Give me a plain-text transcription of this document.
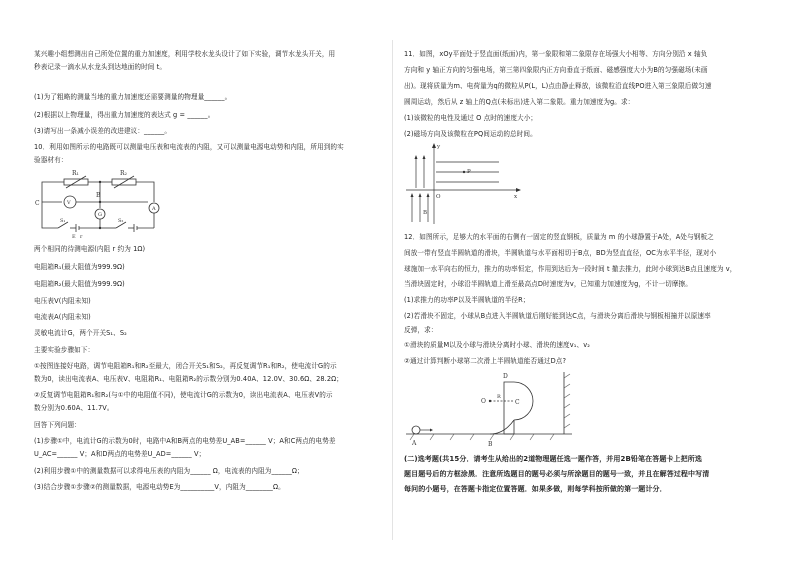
某兴趣小组想测出自己所处位置的重力加速度，利用学校水龙头设计了如下实验，调节水龙头开关，用
秒表记录一滴水从水龙头到达地面的时间 t。
(1)为了粗略的测量当地的重力加速度还需要测量的物理量______。
(2)根据以上物理量，得出重力加速度的表达式 g = ______。
(3)请写出一条减小误差的改进建议：______。
10．利用如图所示的电路既可以测量电压表和电流表的内阻，又可以测量电源电动势和内阻，所用到的实
验器材有：
R₁	R₂
C
B
V
A
G
S₁	S₂
E r
两个相同的待测电源(内阻 r 约为 1Ω)
电阻箱R₁(最大阻值为999.9Ω)
电阻箱R₂(最大阻值为999.9Ω)
电压表V(内阻未知)
电流表A(内阻未知)
灵敏电流计G，两个开关S₁、S₂
主要实验步骤如下：
①按图连接好电路，调节电阻箱R₁和R₂至最大，闭合开关S₁和S₂，再反复调节R₁和R₂，使电流计G的示
数为0，读出电流表A、电压表V、电阻箱R₁、电阻箱R₂的示数分别为0.40A、12.0V、30.6Ω、28.2Ω；
②反复调节电阻箱R₁和R₂(与①中的电阻值不同)，使电流计G的示数为0，读出电流表A、电压表V的示
数分别为0.60A、11.7V。
回答下列问题：
(1)步骤①中，电流计G的示数为0时，电路中A和B两点的电势差U_AB=______ V；A和C两点的电势差
U_AC=______ V；A和D两点的电势差U_AD=______ V；
(2)利用步骤①中的测量数据可以求得电压表的内阻为______ Ω，电流表的内阻为______Ω；
(3)结合步骤①步骤②的测量数据，电源电动势E为__________V，内阻为________Ω。
11．如图，xOy平面处于竖直面(纸面)内，第一象限和第二象限存在场强大小相等、方向分别沿 x 轴负
方向和 y 轴正方向的匀强电场，第三第四象限内正方向垂直于纸面、磁感强度大小为B的匀强磁场(未画
出)。现将质量为m、电荷量为q的微粒从P(L，L)点由静止释放，该微粒沿直线PO进入第三象限后做匀速
圆周运动，然后从 z 轴上的Q点(未标出)进入第二象限。重力加速度为g。求：
(1)该微粒的电性及通过 O 点时的速度大小；
(2)磁场方向及该微粒在PQ间运动的总时间。
P
y
x
O
B
12．如图所示，足够大的水平面的右侧有一固定的竖直钢板，质量为 m 的小球静置于A处，A处与钢板之
间放一带有竖直半圆轨道的滑块，半圆轨道与水平面相切于B点，BD为竖直直径，OC为水平半径，现对小
球施加一水平向右的恒力，推力的功率恒定，作用到达后为一段时间 t 撤去推力，此时小球到达B点且速度为 v，
当滑块固定时，小球沿半圆轨道上滑至最高点D时速度为v，已知重力加速度为g，不计一切摩擦。
(1)求推力的功率P以及半圆轨道的半径R；
(2)若滑块不固定，小球从B点进入半圆轨道后刚好能到达C点，与滑块分离后滑块与钢板相撞并以原速率
反弹，求：
①滑块的质量M以及小球与滑块分离时小球、滑块的速度v₁、v₂
②通过计算判断小球第二次滑上半圆轨道能否通过D点?
D
O
R
C
A	B
(二)选考题(共15分．请考生从给出的2道物理题任选一题作答，并用2B铅笔在答题卡上把所选
题目题号后的方框涂黑．注意所选题目的题号必须与所涂题目的题号一致，并且在解答过程中写清
每问的小题号，在答题卡指定位置答题．如果多做，则每学科按所做的第一题计分．
